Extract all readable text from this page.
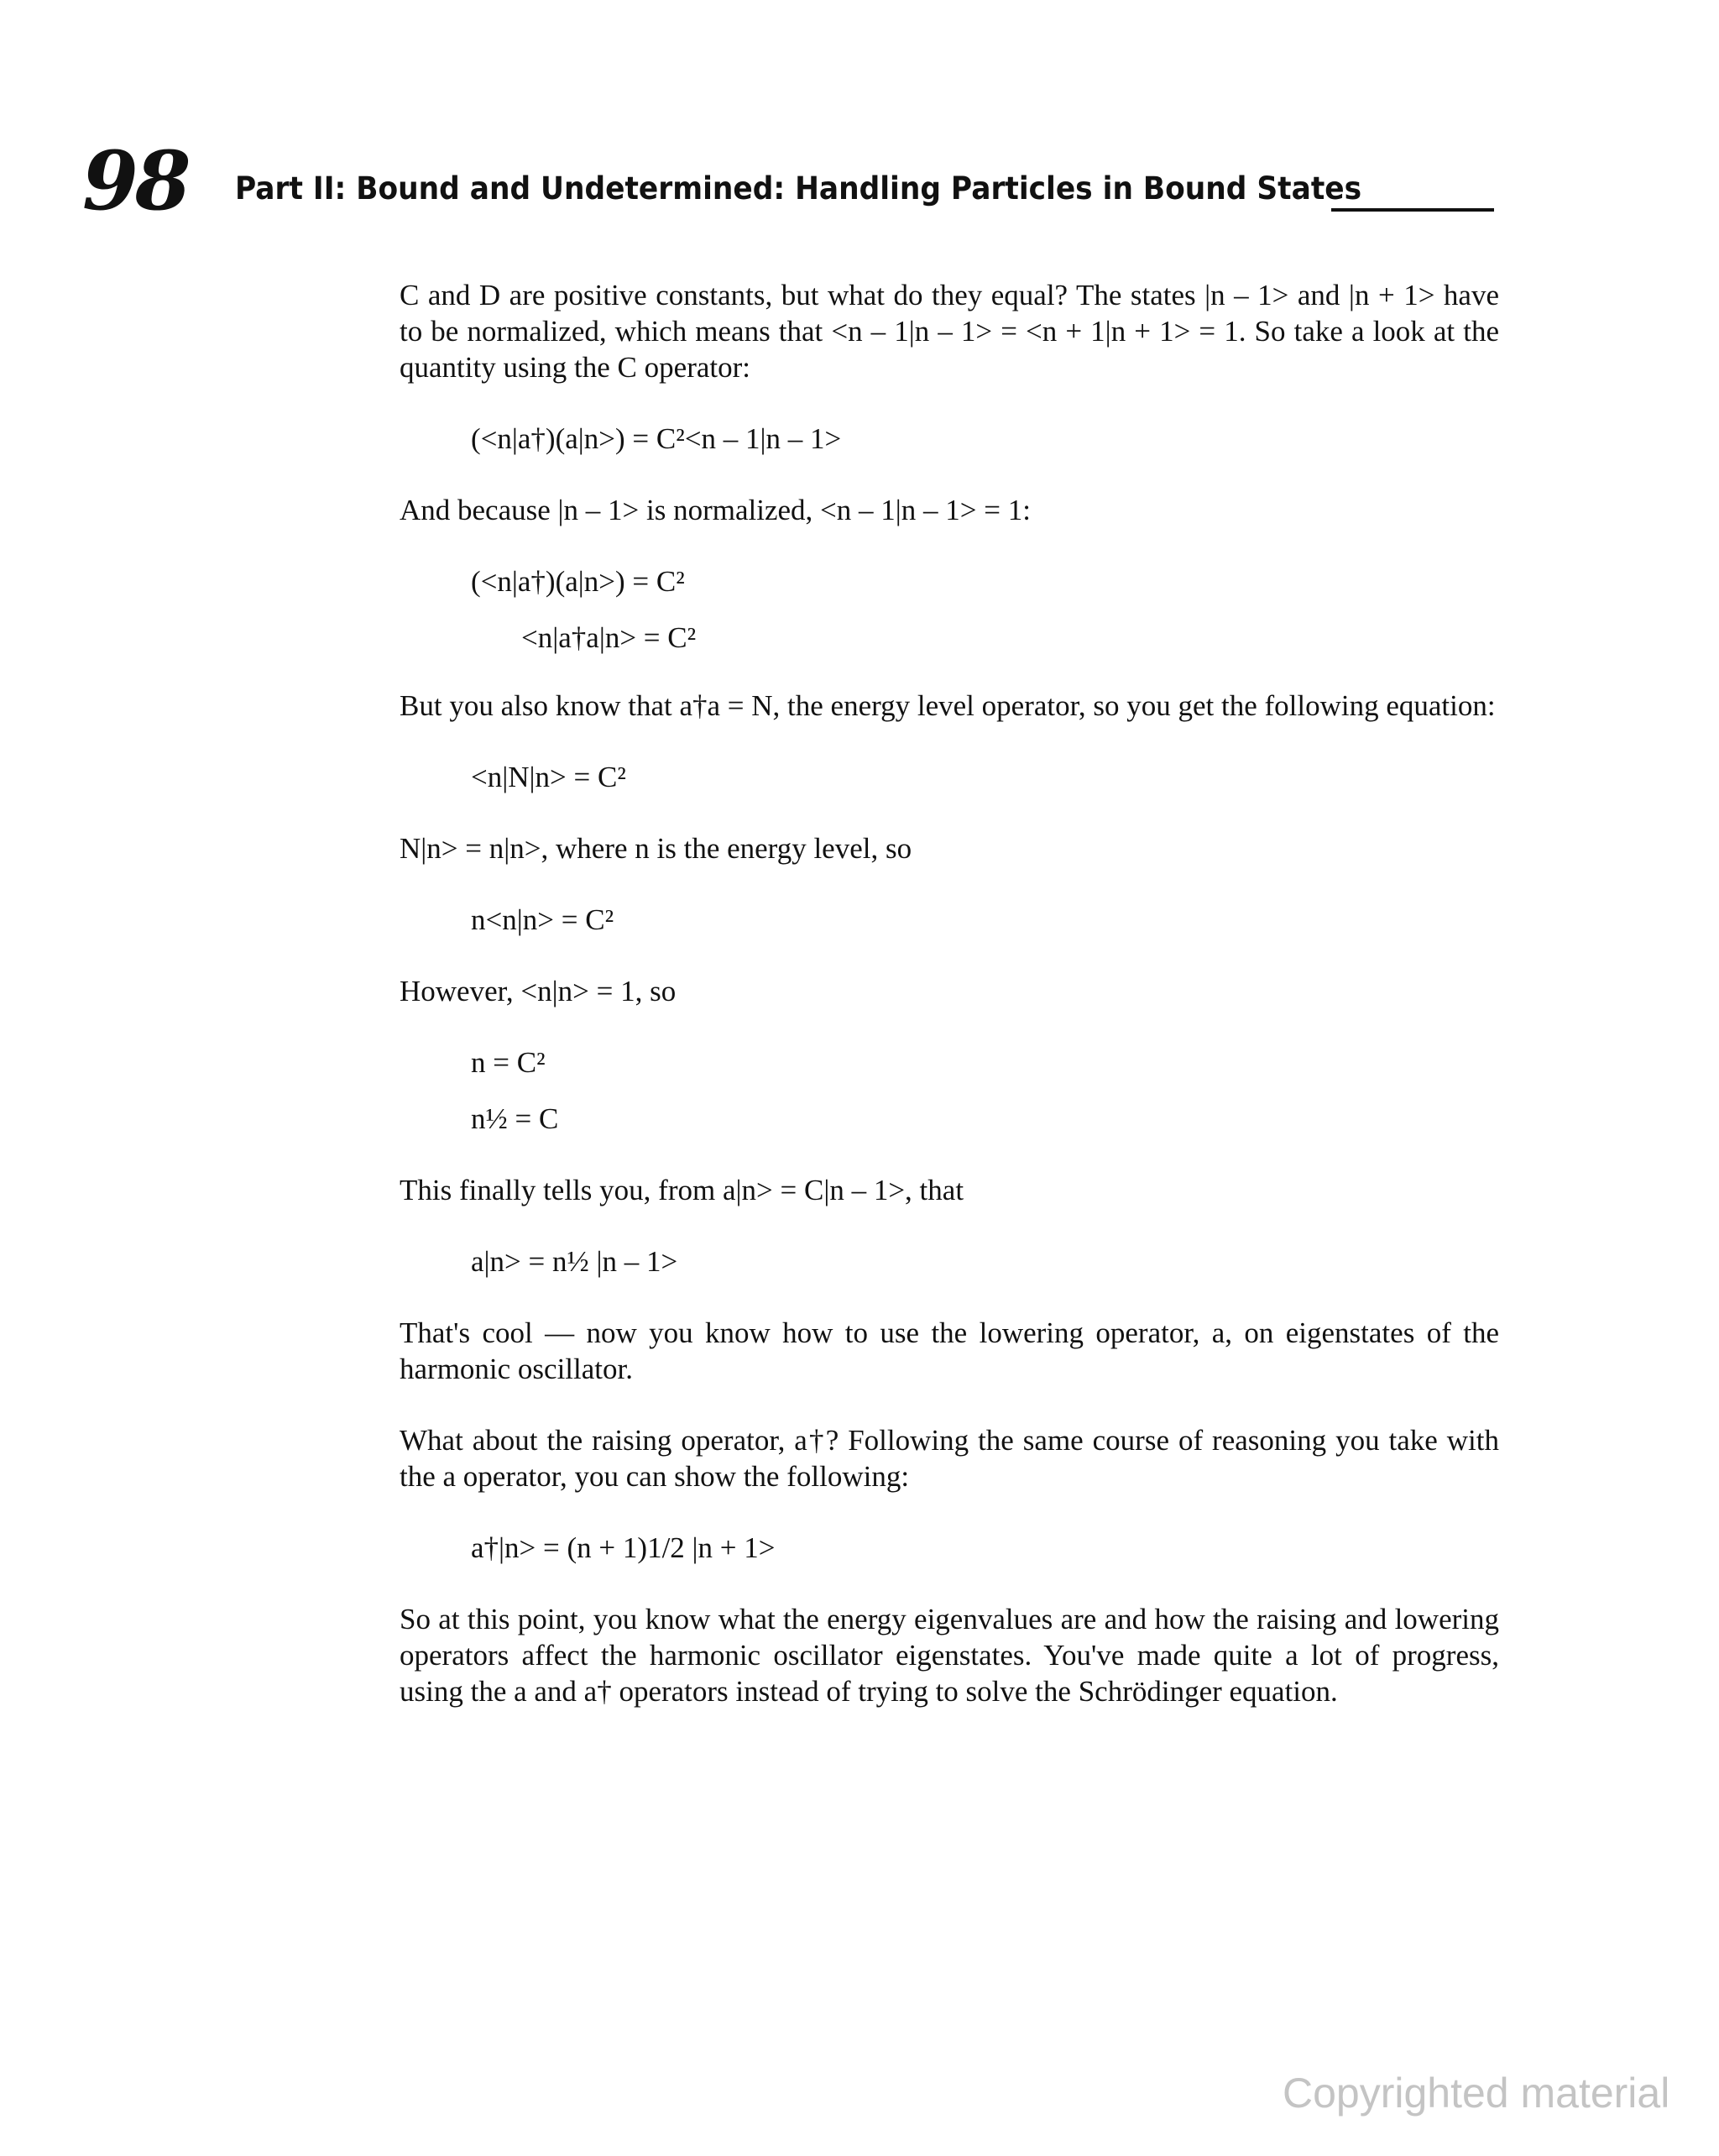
98 Part II: Bound and Undetermined: Handling Particles in Bound States

C and D are positive constants, but what do they equal? The states |n – 1> and |n + 1> have to be normalized, which means that <n – 1|n – 1> = <n + 1|n + 1> = 1. So take a look at the quantity using the C operator:

(<n|a†)(a|n>) = C²<n – 1|n – 1>

And because |n – 1> is normalized, <n – 1|n – 1> = 1:

(<n|a†)(a|n>) = C²

<n|a†a|n> = C²

But you also know that a†a = N, the energy level operator, so you get the following equation:

<n|N|n> = C²

N|n> = n|n>, where n is the energy level, so

n<n|n> = C²

However, <n|n> = 1, so

n = C²

n½ = C

This finally tells you, from a|n> = C|n – 1>, that

a|n> = n½ |n – 1>

That's cool — now you know how to use the lowering operator, a, on eigenstates of the harmonic oscillator.

What about the raising operator, a†? Following the same course of reasoning you take with the a operator, you can show the following:

a†|n> = (n + 1)1/2 |n + 1>

So at this point, you know what the energy eigenvalues are and how the raising and lowering operators affect the harmonic oscillator eigenstates. You've made quite a lot of progress, using the a and a† operators instead of trying to solve the Schrödinger equation.

Copyrighted material
